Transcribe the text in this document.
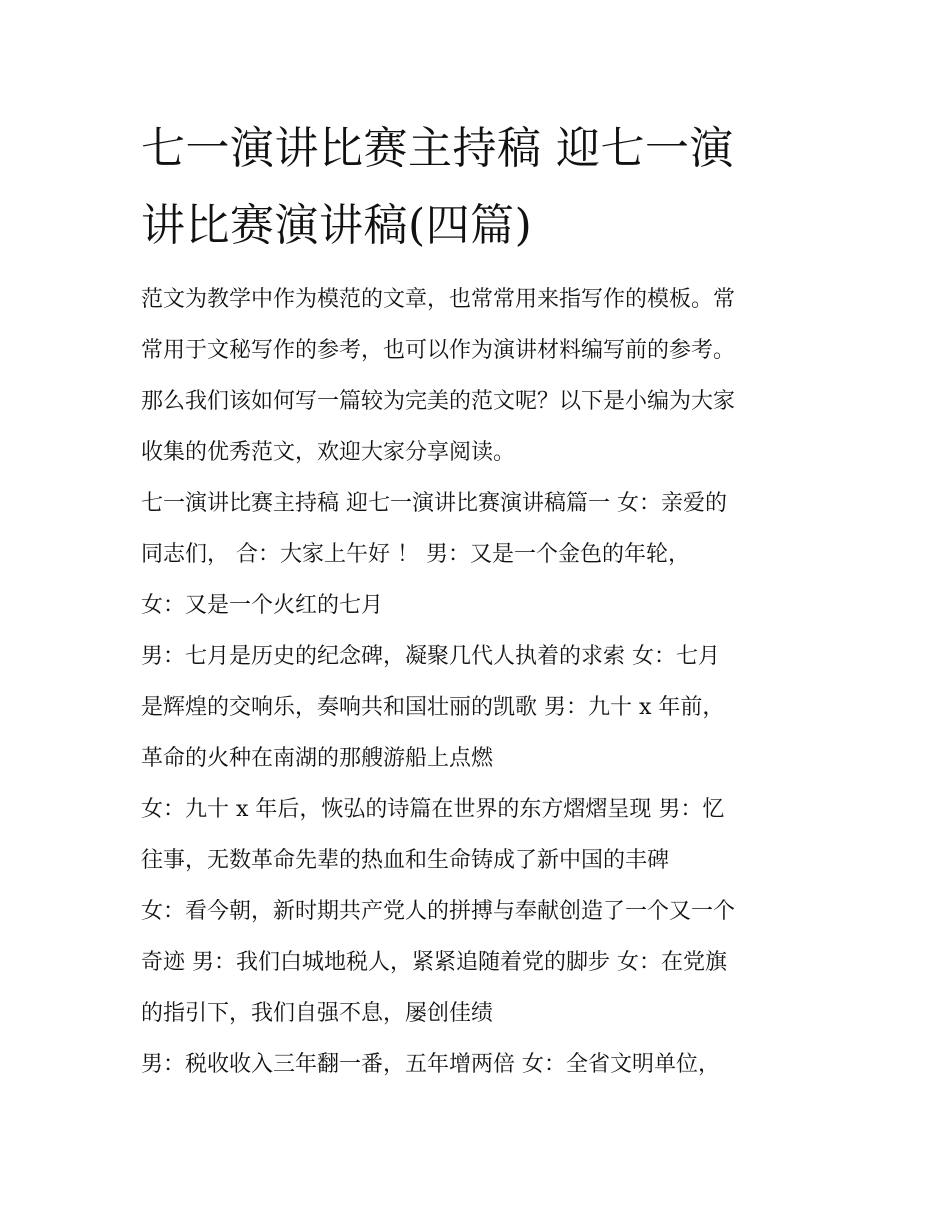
七一演讲比赛主持稿 迎七一演
讲比赛演讲稿(四篇)
范文为教学中作为模范的文章，也常常用来指写作的模板。常
常用于文秘写作的参考，也可以作为演讲材料编写前的参考。
那么我们该如何写一篇较为完美的范文呢？以下是小编为大家
收集的优秀范文，欢迎大家分享阅读。
七一演讲比赛主持稿 迎七一演讲比赛演讲稿篇一 女：亲爱的
同志们， 合：大家上午好 ！ 男：又是一个金色的年轮，
女：又是一个火红的七月
男：七月是历史的纪念碑，凝聚几代人执着的求索 女：七月
是辉煌的交响乐，奏响共和国壮丽的凯歌 男：九十 x 年前，
革命的火种在南湖的那艘游船上点燃
女：九十 x 年后，恢弘的诗篇在世界的东方熠熠呈现 男：忆
往事，无数革命先辈的热血和生命铸成了新中国的丰碑
女：看今朝，新时期共产党人的拼搏与奉献创造了一个又一个
奇迹 男：我们白城地税人，紧紧追随着党的脚步 女：在党旗
的指引下，我们自强不息，屡创佳绩
男：税收收入三年翻一番，五年增两倍 女：全省文明单位，
